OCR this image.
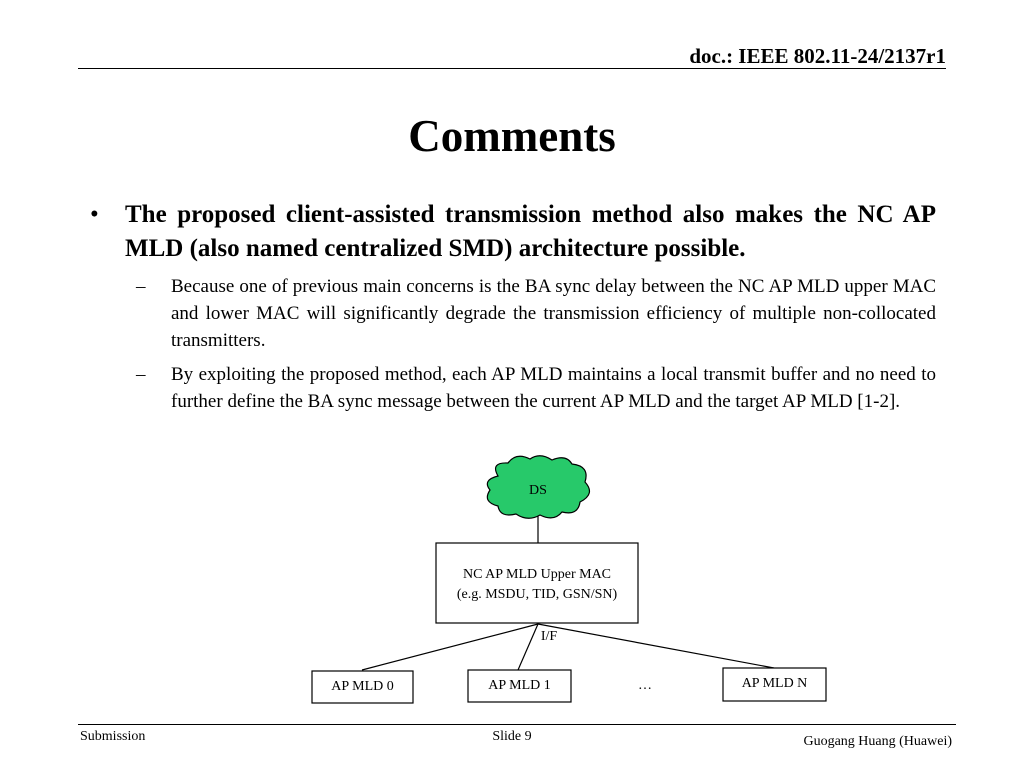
doc.: IEEE 802.11-24/2137r1
Comments
•	The proposed client-assisted transmission method also makes the NC AP MLD (also named centralized SMD) architecture possible.
–	Because one of previous main concerns is the BA sync delay between the NC AP MLD upper MAC and lower MAC will significantly degrade the transmission efficiency of multiple non-collocated transmitters.
–	By exploiting the proposed method, each AP MLD maintains a local transmit buffer and no need to further define the BA sync message between the current AP MLD and the target AP MLD [1-2].
DS
NC AP MLD Upper MAC
(e.g. MSDU, TID, GSN/SN)
I/F
…
AP MLD 0	AP MLD 1	AP MLD N
Submission	Slide 9	Guogang Huang (Huawei)
